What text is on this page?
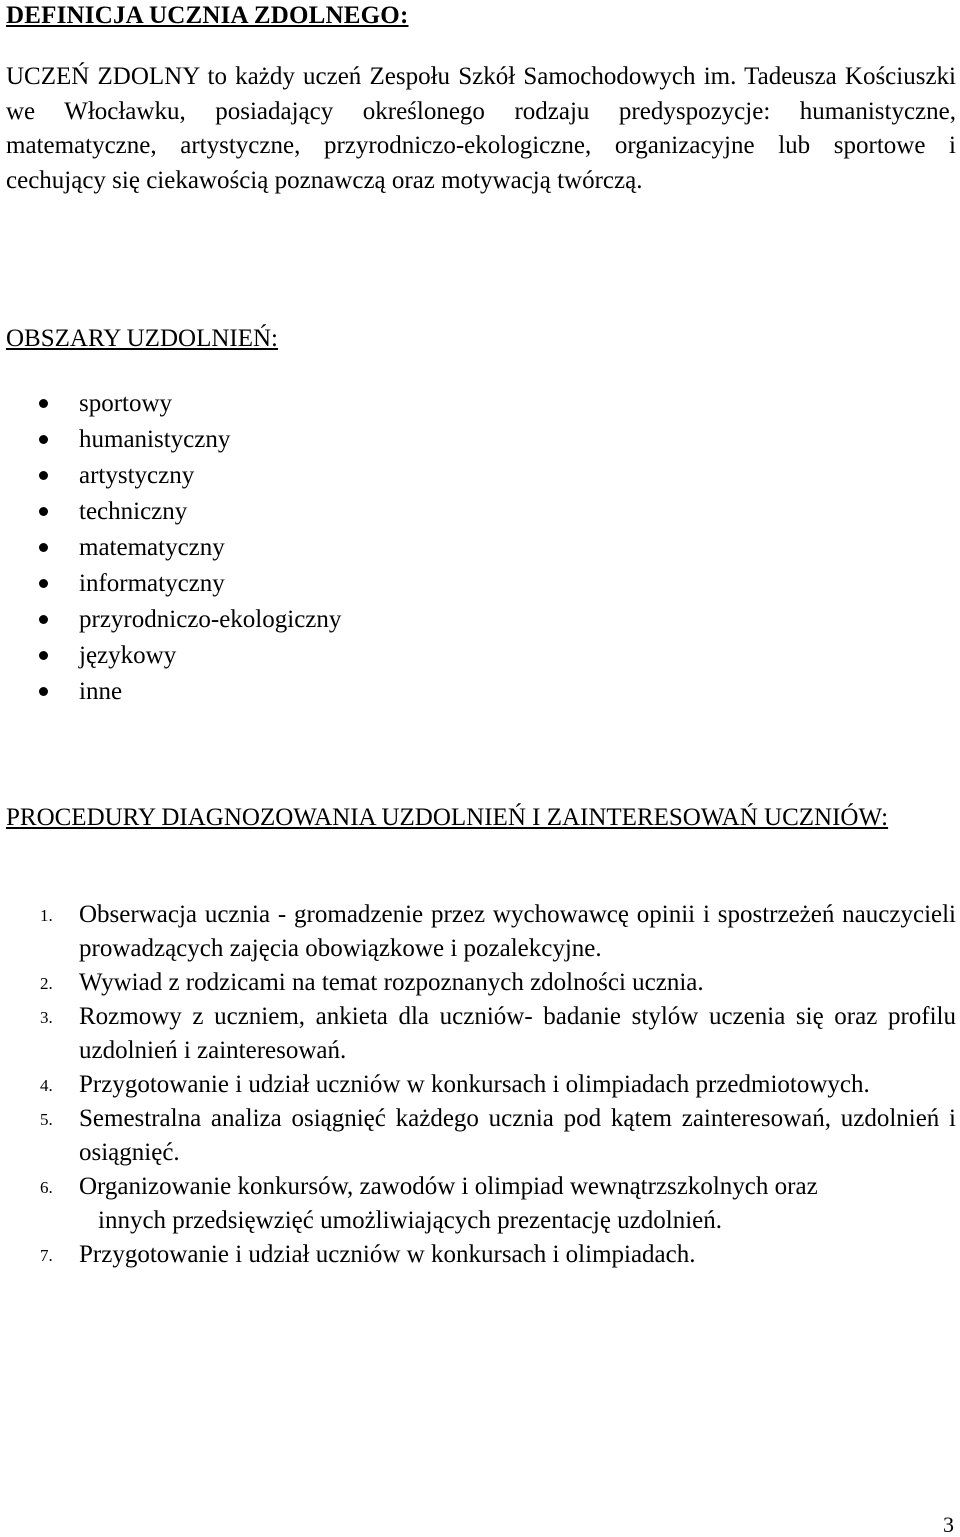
DEFINICJA UCZNIA ZDOLNEGO:

UCZEŃ ZDOLNY to każdy uczeń Zespołu Szkół Samochodowych im. Tadeusza Kościuszki we Włocławku, posiadający określonego rodzaju predyspozycje: humanistyczne, matematyczne, artystyczne, przyrodniczo-ekologiczne, organizacyjne lub sportowe i cechujący się ciekawością poznawczą oraz motywacją twórczą.

OBSZARY UZDOLNIEŃ:
sportowy
humanistyczny
artystyczny
techniczny
matematyczny
informatyczny
przyrodniczo-ekologiczny
językowy
inne
PROCEDURY DIAGNOZOWANIA UZDOLNIEŃ I ZAINTERESOWAŃ UCZNIÓW:
1. Obserwacja ucznia - gromadzenie przez wychowawcę opinii i spostrzeżeń nauczycieli prowadzących zajęcia obowiązkowe i pozalekcyjne.
2. Wywiad z rodzicami na temat rozpoznanych zdolności ucznia.
3. Rozmowy z uczniem, ankieta dla uczniów- badanie stylów uczenia się oraz profilu uzdolnień i zainteresowań.
4. Przygotowanie i udział uczniów w konkursach i olimpiadach przedmiotowych.
5. Semestralna analiza osiągnięć każdego ucznia pod kątem zainteresowań, uzdolnień i osiągnięć.
6. Organizowanie konkursów, zawodów i olimpiad wewnątrzszkolnych oraz
innych przedsięwzięć umożliwiających prezentację uzdolnień.
7. Przygotowanie i udział uczniów w konkursach i olimpiadach.
3
